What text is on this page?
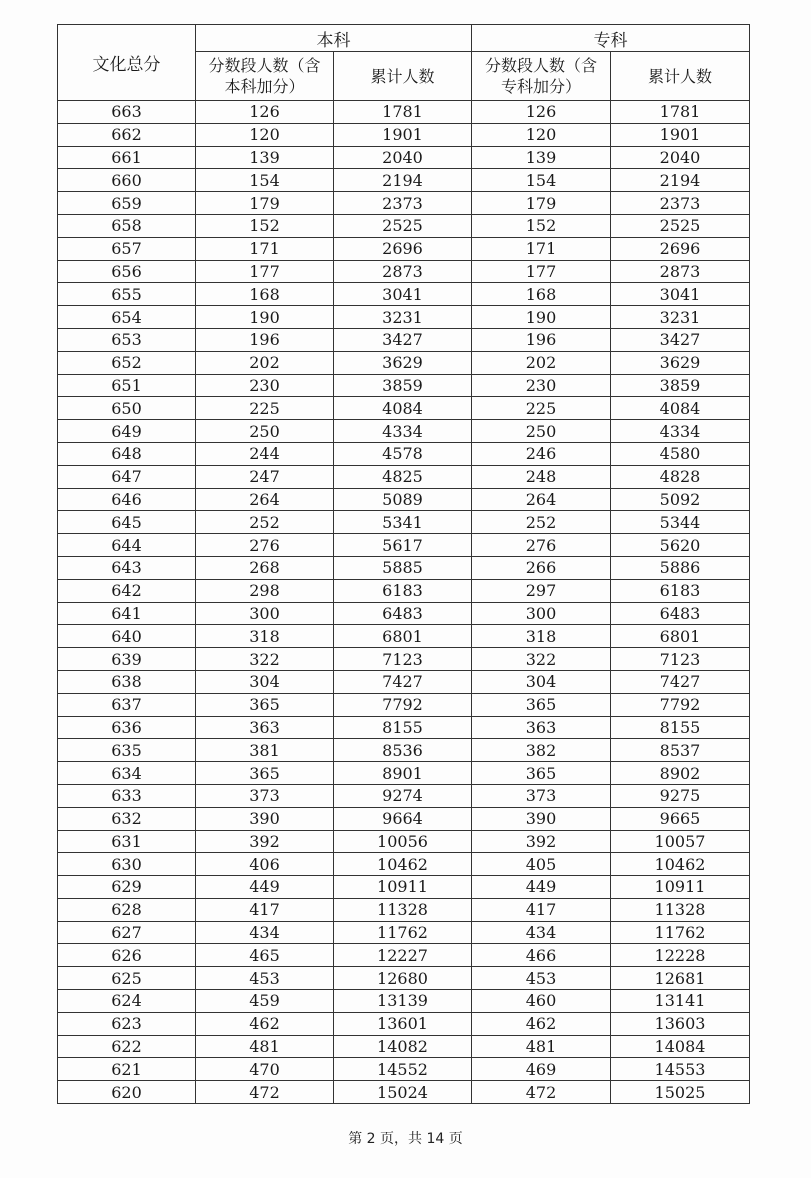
文化总分	本科		专科	

	分数段人数（含
本科加分）	累计人数	分数段人数（含
专科加分）	累计人数
663	126	1781	126	1781
662	120	1901	120	1901
661	139	2040	139	2040
660	154	2194	154	2194
659	179	2373	179	2373
658	152	2525	152	2525
657	171	2696	171	2696
656	177	2873	177	2873
655	168	3041	168	3041
654	190	3231	190	3231
653	196	3427	196	3427
652	202	3629	202	3629
651	230	3859	230	3859
650	225	4084	225	4084
649	250	4334	250	4334
648	244	4578	246	4580
647	247	4825	248	4828
646	264	5089	264	5092
645	252	5341	252	5344
644	276	5617	276	5620
643	268	5885	266	5886
642	298	6183	297	6183
641	300	6483	300	6483
640	318	6801	318	6801
639	322	7123	322	7123
638	304	7427	304	7427
637	365	7792	365	7792
636	363	8155	363	8155
635	381	8536	382	8537
634	365	8901	365	8902
633	373	9274	373	9275
632	390	9664	390	9665
631	392	10056	392	10057
630	406	10462	405	10462
629	449	10911	449	10911
628	417	11328	417	11328
627	434	11762	434	11762
626	465	12227	466	12228
625	453	12680	453	12681
624	459	13139	460	13141
623	462	13601	462	13603
622	481	14082	481	14084
621	470	14552	469	14553
620	472	15024	472	15025
第 2 页，共 14 页
